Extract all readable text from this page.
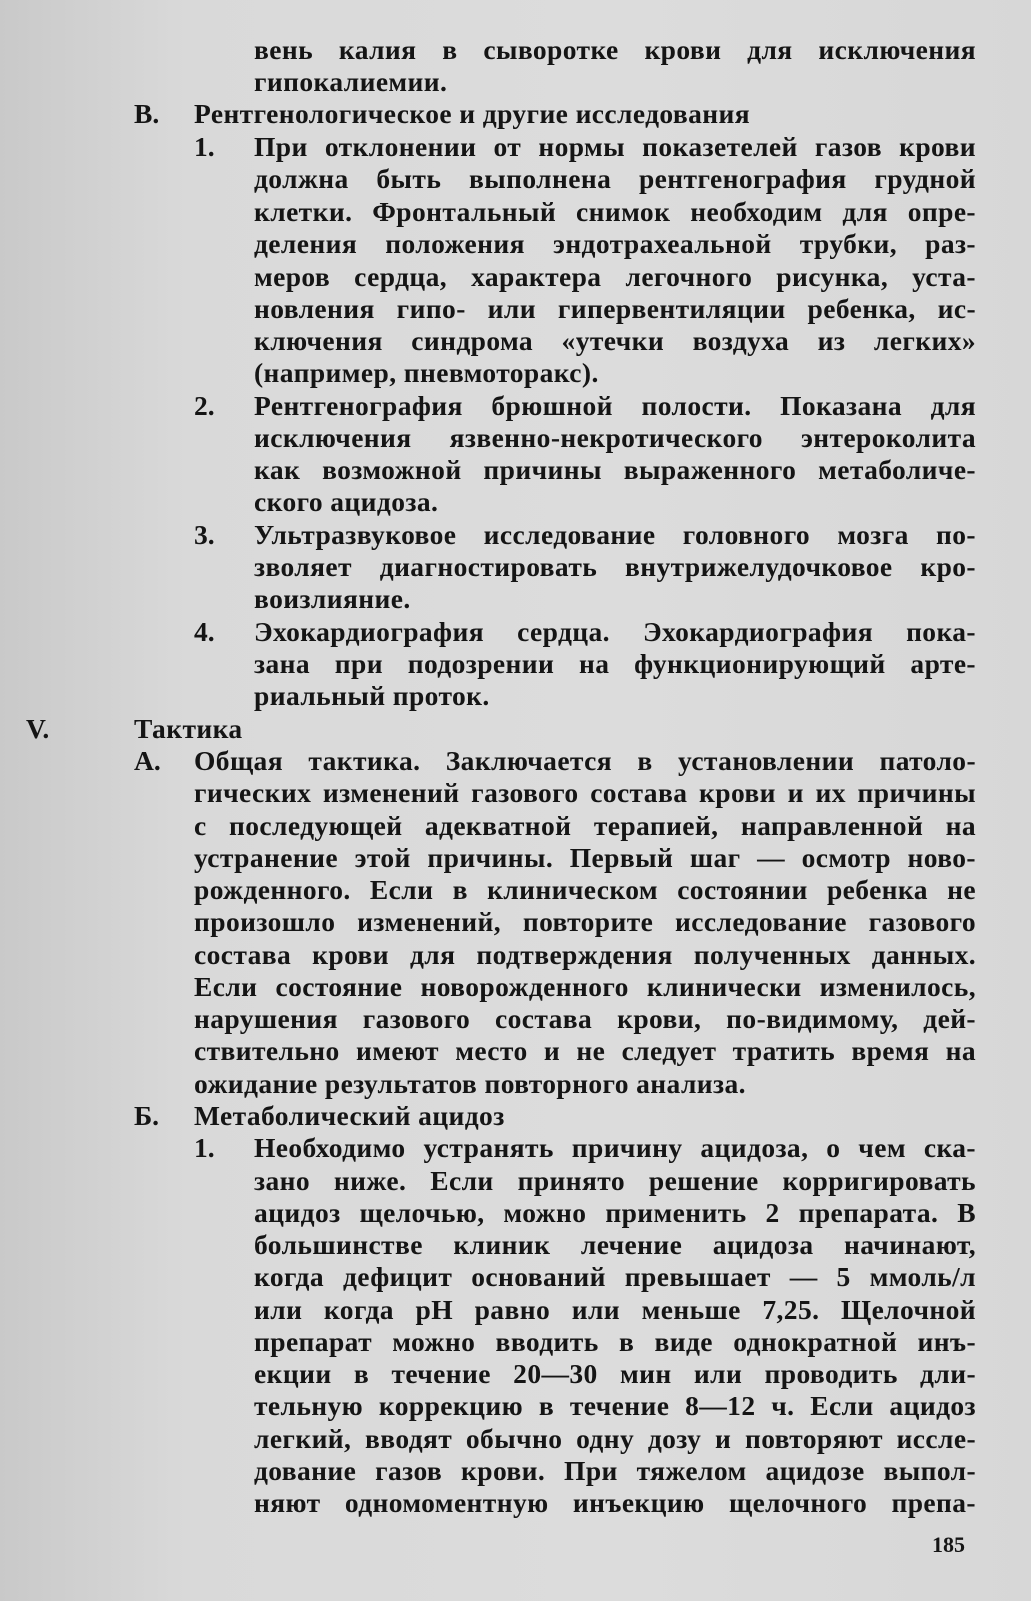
вень калия в сыворотке крови для исключения
гипокалиемии.
В. Рентгенологическое и другие исследования
1. При отклонении от нормы показетелей газов крови
должна быть выполнена рентгенография грудной
клетки. Фронтальный снимок необходим для опре-
деления положения эндотрахеальной трубки, раз-
меров сердца, характера легочного рисунка, уста-
новления гипо- или гипервентиляции ребенка, ис-
ключения синдрома «утечки воздуха из легких»
(например, пневмоторакс).
2. Рентгенография брюшной полости. Показана для
исключения язвенно-некротического энтероколита
как возможной причины выраженного метаболиче-
ского ацидоза.
3. Ультразвуковое исследование головного мозга по-
зволяет диагностировать внутрижелудочковое кро-
воизлияние.
4. Эхокардиография сердца. Эхокардиография пока-
зана при подозрении на функционирующий арте-
риальный проток.
V.	Тактика
А. Общая тактика. Заключается в установлении патоло-
гических изменений газового состава крови и их причины
с последующей адекватной терапией, направленной на
устранение этой причины. Первый шаг — осмотр ново-
рожденного. Если в клиническом состоянии ребенка не
произошло изменений, повторите исследование газового
состава крови для подтверждения полученных данных.
Если состояние новорожденного клинически изменилось,
нарушения газового состава крови, по-видимому, дей-
ствительно имеют место и не следует тратить время на
ожидание результатов повторного анализа.
Б. Метаболический ацидоз
1. Необходимо устранять причину ацидоза, о чем ска-
зано ниже. Если принято решение корригировать
ацидоз щелочью, можно применить 2 препарата. В
большинстве клиник лечение ацидоза начинают,
когда дефицит оснований превышает — 5 ммоль/л
или когда pH равно или меньше 7,25. Щелочной
препарат можно вводить в виде однократной инъ-
екции в течение 20—30 мин или проводить дли-
тельную коррекцию в течение 8—12 ч. Если ацидоз
легкий, вводят обычно одну дозу и повторяют иссле-
дование газов крови. При тяжелом ацидозе выпол-
няют одномоментную инъекцию щелочного препа-
185
